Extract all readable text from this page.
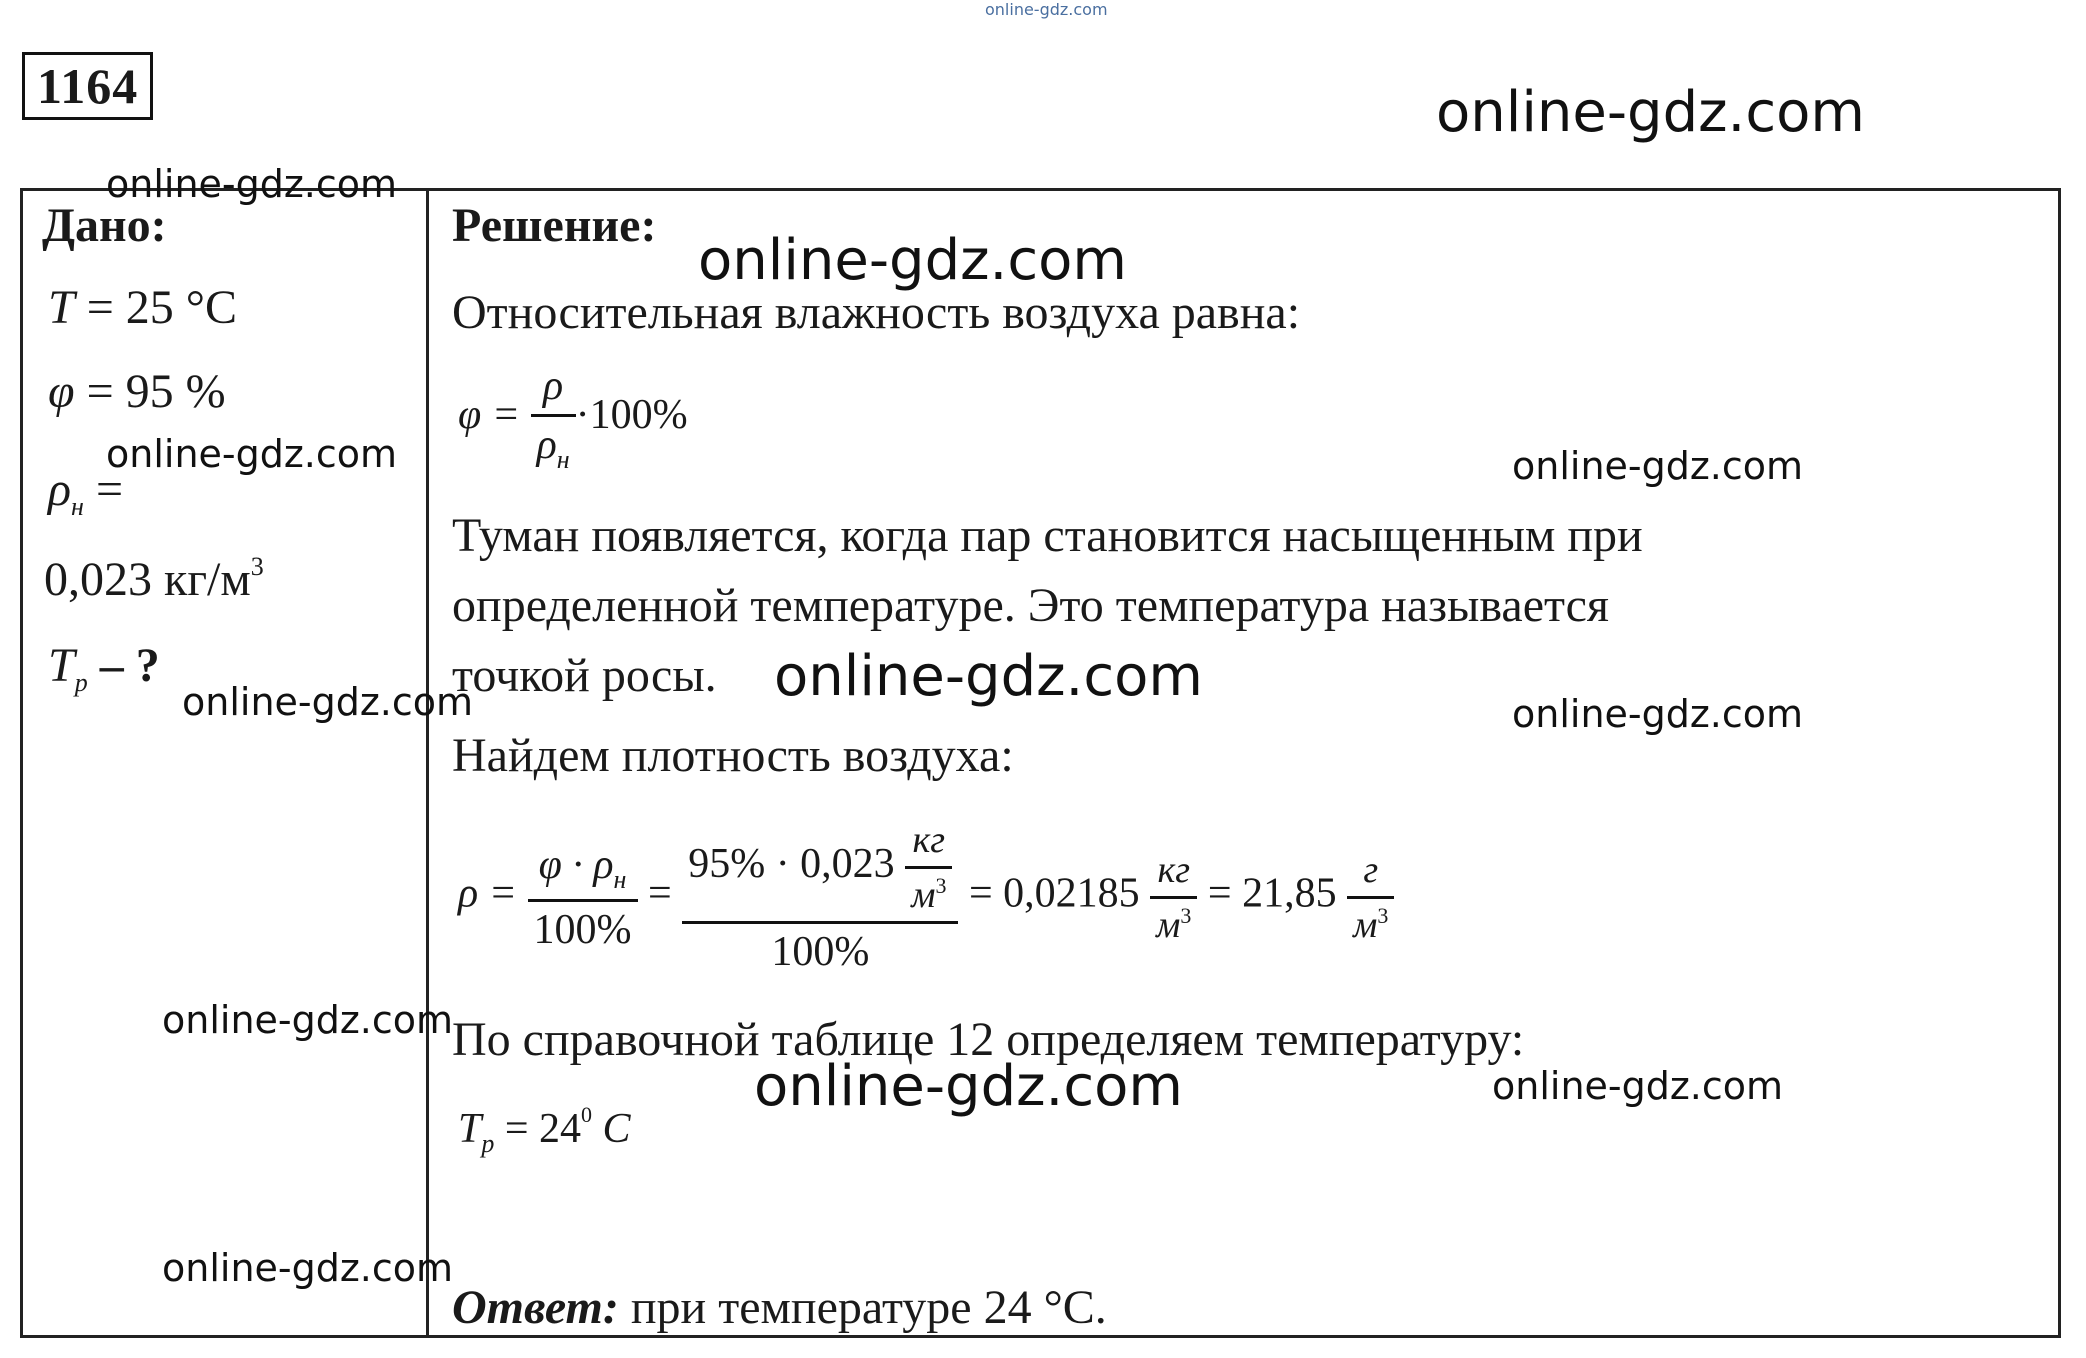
online-gdz.com
1164
Дано:
T = 25 °C
φ = 95 %
$\rho_н$ =
0,023 $кг/м^3$
$T_р$ – ?
Решение:
Относительная влажность воздуха равна:
$\varphi = \frac{\rho}{\rho_н} \cdot 100\%$
Туман появляется, когда пар становится насыщенным при
определенной температуре. Это температура называется
точкой росы.
Найдем плотность воздуха:
$\rho = \frac{\varphi \cdot \rho_н}{100\%} = \frac{95\% \cdot 0,023 \frac{кг}{м^3}}{100\%} = 0,02185 \frac{кг}{м^3} = 21,85 \frac{г}{м^3}$
По справочной таблице 12 определяем температуру:
$T_р = 24^0$ C
Ответ: при температуре 24 °C.
online-gdz.com
online-gdz.com
online-gdz.com
online-gdz.com	online-gdz.com
online-gdz.com
online-gdz.com	online-gdz.com
online-gdz.com
online-gdz.com	online-gdz.com
online-gdz.com
